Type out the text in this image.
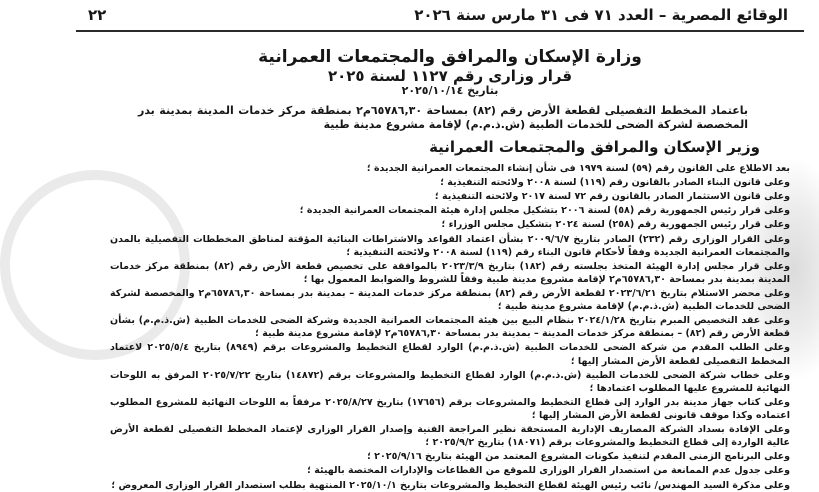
الوقائع المصرية – العدد ٧١ فى ٣١ مارس سنة ٢٠٢٦
٢٢

وزارة الإسكان والمرافق والمجتمعات العمرانية

قرار وزارى رقم ١١٢٧ لسنة ٢٠٢٥

بتاريخ ٢٠٢٥/١٠/١٤

باعتماد المخطط التفصيلى لقطعة الأرض رقم (٨٢) بمساحة ٦٥٧٨٦,٣٠م٢ بمنطقة مركز خدمات المدينة بمدينة بدر المخصصة لشركة الضحى للخدمات الطبية (ش.ذ.م.م) لإقامة مشروع مدينة طبية
وزير الإسكان والمرافق والمجتمعات العمرانية

بعد الاطلاع على القانون رقم (٥٩) لسنة ١٩٧٩ فى شأن إنشاء المجتمعات العمرانية الجديدة ؛

وعلى قانون البناء الصادر بالقانون رقم (١١٩) لسنة ٢٠٠٨ ولائحته التنفيذية ؛

وعلى قانون الاستثمار الصادر بالقانون رقم ٧٢ لسنة ٢٠١٧ ولائحته التنفيذية ؛

وعلى قرار رئيس الجمهورية رقم (٥٨) لسنة ٢٠٠٦ بتشكيل مجلس إدارة هيئة المجتمعات العمرانية الجديدة ؛

وعلى قرار رئيس الجمهورية رقم (٢٥٨) لسنة ٢٠٢٤ بتشكيل مجلس الوزراء ؛

وعلى القرار الوزارى رقم (٢٣٢) الصادر بتاريخ ٢٠٠٩/٦/٧ بشأن اعتماد القواعد والاشتراطات البنائية المؤقتة لمناطق المخططات التفصيلية بالمدن والمجتمعات العمرانية الجديدة وفقاً لأحكام قانون البناء رقم (١١٩) لسنة ٢٠٠٨ ولائحته التنفيذية ؛

وعلى قرار مجلس إدارة الهيئة المتخذ بجلسته رقم (١٨٢) بتاريخ ٢٠٢٣/٣/٩ بالموافقة على تخصيص قطعة الأرض رقم (٨٢) بمنطقة مركز خدمات المدينة بمدينة بدر بمساحة ٦٥٧٨٦,٣٠م٢ لإقامة مشروع مدينة طبية وفقاً للشروط والضوابط المعمول بها ؛

وعلى محضر الاستلام بتاريخ ٢٠٢٣/٦/٢١ لقطعة الأرض رقم (٨٢) بمنطقة مركز خدمات المدينة – بمدينة بدر بمساحة ٦٥٧٨٦,٣٠م٢ والمخصصة لشركة الضحى للخدمات الطبية (ش.ذ.م.م) لإقامة مشروع مدينة طبية ؛

وعلى عقد التخصيص المبرم بتاريخ ٢٠٢٤/١/٢٨ بنظام البيع بين هيئة المجتمعات العمرانية الجديدة وشركة الضحى للخدمات الطبية (ش.ذ.م.م) بشأن قطعة الأرض رقم (٨٢) – بمنطقة مركز خدمات المدينة – بمدينة بدر بمساحة ٦٥٧٨٦,٣٠م٢ لإقامة مشروع مدينة طبية ؛

وعلى الطلب المقدم من شركة الضحى للخدمات الطبية (ش.ذ.م.م) الوارد لقطاع التخطيط والمشروعات برقم (٨٩٤٩) بتاريخ ٢٠٢٥/٥/٤ لاعتماد المخطط التفصيلى لقطعة الأرض المشار إليها ؛

وعلى خطاب شركة الضحى للخدمات الطبية (ش.ذ.م.م) الوارد لقطاع التخطيط والمشروعات برقم (١٤٨٧٢) بتاريخ ٢٠٢٥/٧/٢٢ المرفق به اللوحات النهائية للمشروع عليها المطلوب اعتمادها ؛

وعلى كتاب جهاز مدينة بدر الوارد إلى قطاع التخطيط والمشروعات برقم (١٧٦٥٦) بتاريخ ٢٠٢٥/٨/٢٧ مرفقاً به اللوحات النهائية للمشروع المطلوب اعتماده وكذا موقف قانونى لقطعة الأرض المشار إليها ؛

وعلى الإفادة بسداد الشركة المصاريف الإدارية المستحقة نظير المراجعة الفنية وإصدار القرار الوزارى لإعتماد المخطط التفصيلى لقطعة الأرض عالية الواردة إلى قطاع التخطيط والمشروعات برقم (١٨٠٧١) بتاريخ ٢٠٢٥/٩/٢ ؛

وعلى البرنامج الزمنى المقدم لتنفيذ مكونات المشروع المعتمد من الهيئة بتاريخ ٢٠٢٥/٩/١٦ ؛

وعلى جدول عدم الممانعة من استصدار القرار الوزارى للموقع من القطاعات والإدارات المختصة بالهيئة ؛

وعلى مذكرة السيد المهندس/ نائب رئيس الهيئة لقطاع التخطيط والمشروعات بتاريخ ٢٠٢٥/١٠/١ المنتهية بطلب استصدار القرار الوزارى المعروض ؛
